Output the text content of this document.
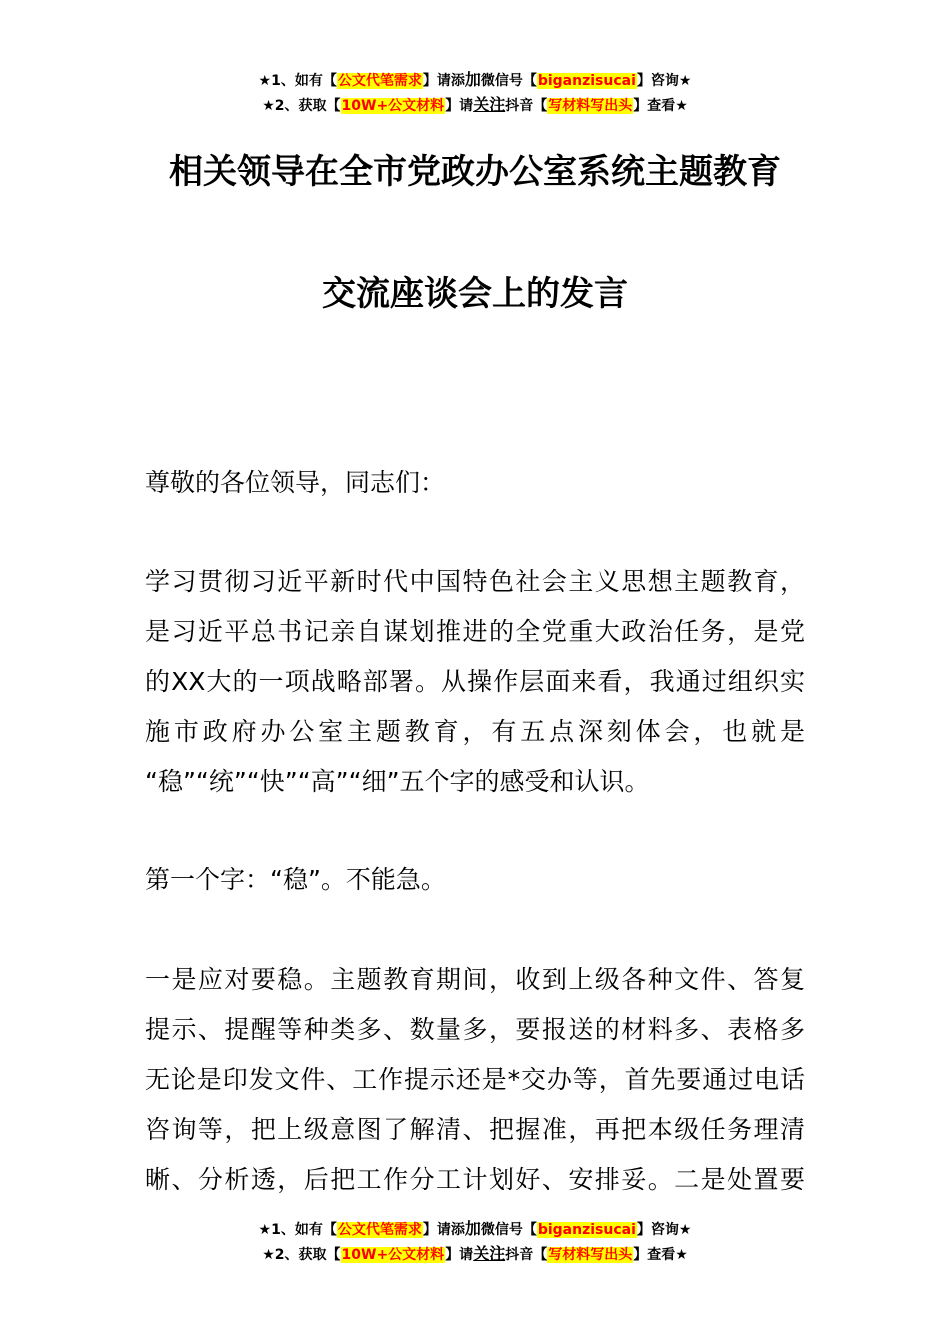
★1、如有【公文代笔需求】请添加微信号【biganzisucai】咨询★
★2、获取【10W+公文材料】请关注抖音【写材料写出头】查看★
相关领导在全市党政办公室系统主题教育
交流座谈会上的发言
尊敬的各位领导，同志们：
学习贯彻习近平新时代中国特色社会主义思想主题教育，
是习近平总书记亲自谋划推进的全党重大政治任务，是党
的XX大的一项战略部署。从操作层面来看，我通过组织实
施市政府办公室主题教育，有五点深刻体会，也就是
“稳”“统”“快”“高”“细”五个字的感受和认识。
第一个字：“稳”。不能急。
一是应对要稳。主题教育期间，收到上级各种文件、答复
提示、提醒等种类多、数量多，要报送的材料多、表格多
无论是印发文件、工作提示还是*交办等，首先要通过电话
咨询等，把上级意图了解清、把握准，再把本级任务理清
晰、分析透，后把工作分工计划好、安排妥。二是处置要
★1、如有【公文代笔需求】请添加微信号【biganzisucai】咨询★
★2、获取【10W+公文材料】请关注抖音【写材料写出头】查看★
